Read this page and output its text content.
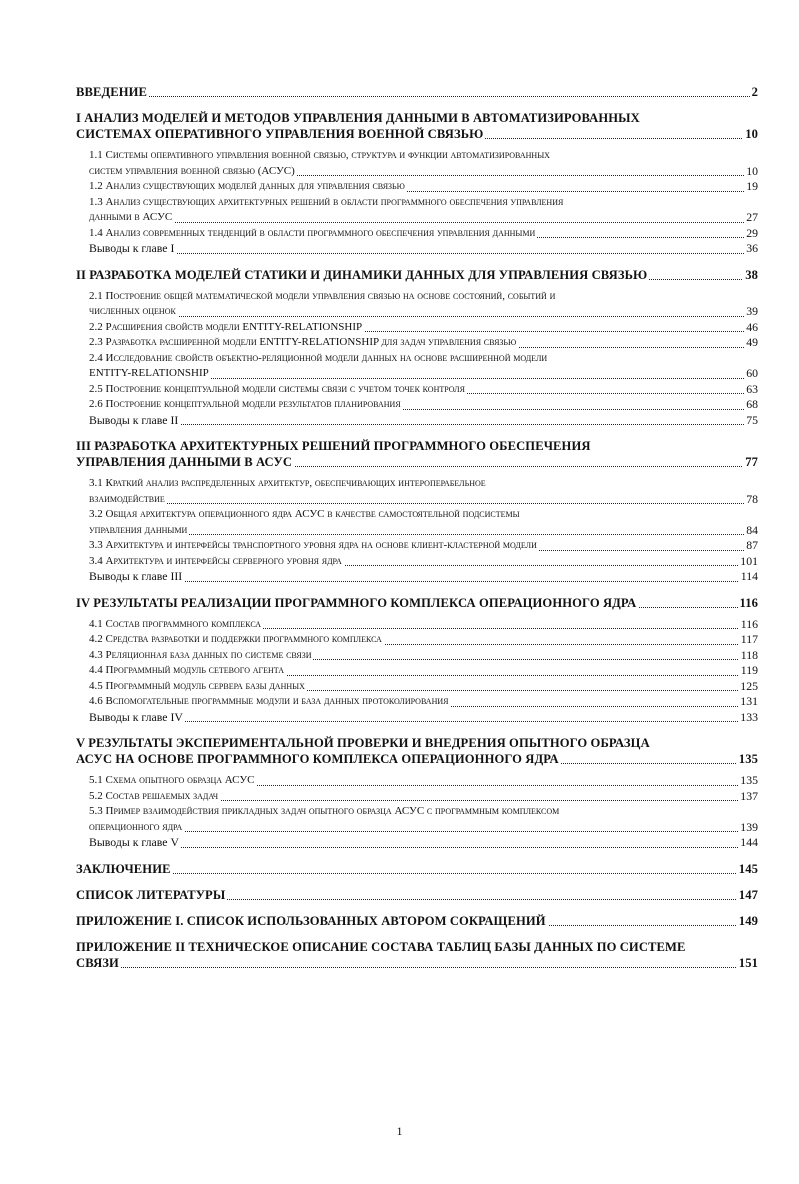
ВВЕДЕНИЕ	2
I АНАЛИЗ МОДЕЛЕЙ И МЕТОДОВ УПРАВЛЕНИЯ ДАННЫМИ В АВТОМАТИЗИРОВАННЫХ
СИСТЕМАХ ОПЕРАТИВНОГО УПРАВЛЕНИЯ ВОЕННОЙ СВЯЗЬЮ	10
1.1 Системы оперативного управления военной связью, структура и функции автоматизированных
систем управления военной связью (АСУС)	10
1.2 Анализ существующих моделей данных для управления связью	19
1.3 Анализ существующих архитектурных решений в области программного обеспечения управления
данными в АСУС	27
1.4 Анализ современных тенденций в области программного обеспечения управления данными	29
Выводы к главе I	36
II РАЗРАБОТКА МОДЕЛЕЙ СТАТИКИ И ДИНАМИКИ ДАННЫХ ДЛЯ УПРАВЛЕНИЯ СВЯЗЬЮ	38
2.1 Построение общей математической модели управления связью на основе состояний, событий и
численных оценок	39
2.2 Расширения свойств модели ENTITY-RELATIONSHIP	46
2.3 Разработка расширенной модели ENTITY-RELATIONSHIP для задач управления связью	49
2.4 Исследование свойств объектно-реляционной модели данных на основе расширенной модели
ENTITY-RELATIONSHIP	60
2.5 Построение концептуальной модели системы связи с учетом точек контроля	63
2.6 Построение концептуальной модели результатов планирования	68
Выводы к главе II	75
III РАЗРАБОТКА АРХИТЕКТУРНЫХ РЕШЕНИЙ ПРОГРАММНОГО ОБЕСПЕЧЕНИЯ
УПРАВЛЕНИЯ ДАННЫМИ В АСУС	77
3.1 Краткий анализ распределенных архитектур, обеспечивающих интероперабельное
взаимодействие	78
3.2 Общая архитектура операционного ядра АСУС в качестве самостоятельной подсистемы
управления данными	84
3.3 Архитектура и интерфейсы транспортного уровня ядра на основе клиент-кластерной модели	87
3.4 Архитектура и интерфейсы серверного уровня ядра	101
Выводы к главе III	114
IV РЕЗУЛЬТАТЫ РЕАЛИЗАЦИИ ПРОГРАММНОГО КОМПЛЕКСА ОПЕРАЦИОННОГО ЯДРА	116
4.1 Состав программного комплекса	116
4.2 Средства разработки и поддержки программного комплекса	117
4.3 Реляционная база данных по системе связи	118
4.4 Программный модуль сетевого агента	119
4.5 Программный модуль сервера базы данных	125
4.6 Вспомогательные программные модули и база данных протоколирования	131
Выводы к главе IV	133
V РЕЗУЛЬТАТЫ ЭКСПЕРИМЕНТАЛЬНОЙ ПРОВЕРКИ И ВНЕДРЕНИЯ ОПЫТНОГО ОБРАЗЦА
АСУС НА ОСНОВЕ ПРОГРАММНОГО КОМПЛЕКСА ОПЕРАЦИОННОГО ЯДРА	135
5.1 Схема опытного образца АСУС	135
5.2 Состав решаемых задач	137
5.3 Пример взаимодействия прикладных задач опытного образца АСУС с программным комплексом
операционного ядра	139
Выводы к главе V	144
ЗАКЛЮЧЕНИЕ	145
СПИСОК ЛИТЕРАТУРЫ	147
ПРИЛОЖЕНИЕ I. СПИСОК ИСПОЛЬЗОВАННЫХ АВТОРОМ СОКРАЩЕНИЙ	149
ПРИЛОЖЕНИЕ II ТЕХНИЧЕСКОЕ ОПИСАНИЕ СОСТАВА ТАБЛИЦ БАЗЫ ДАННЫХ ПО СИСТЕМЕ
СВЯЗИ	151
1
